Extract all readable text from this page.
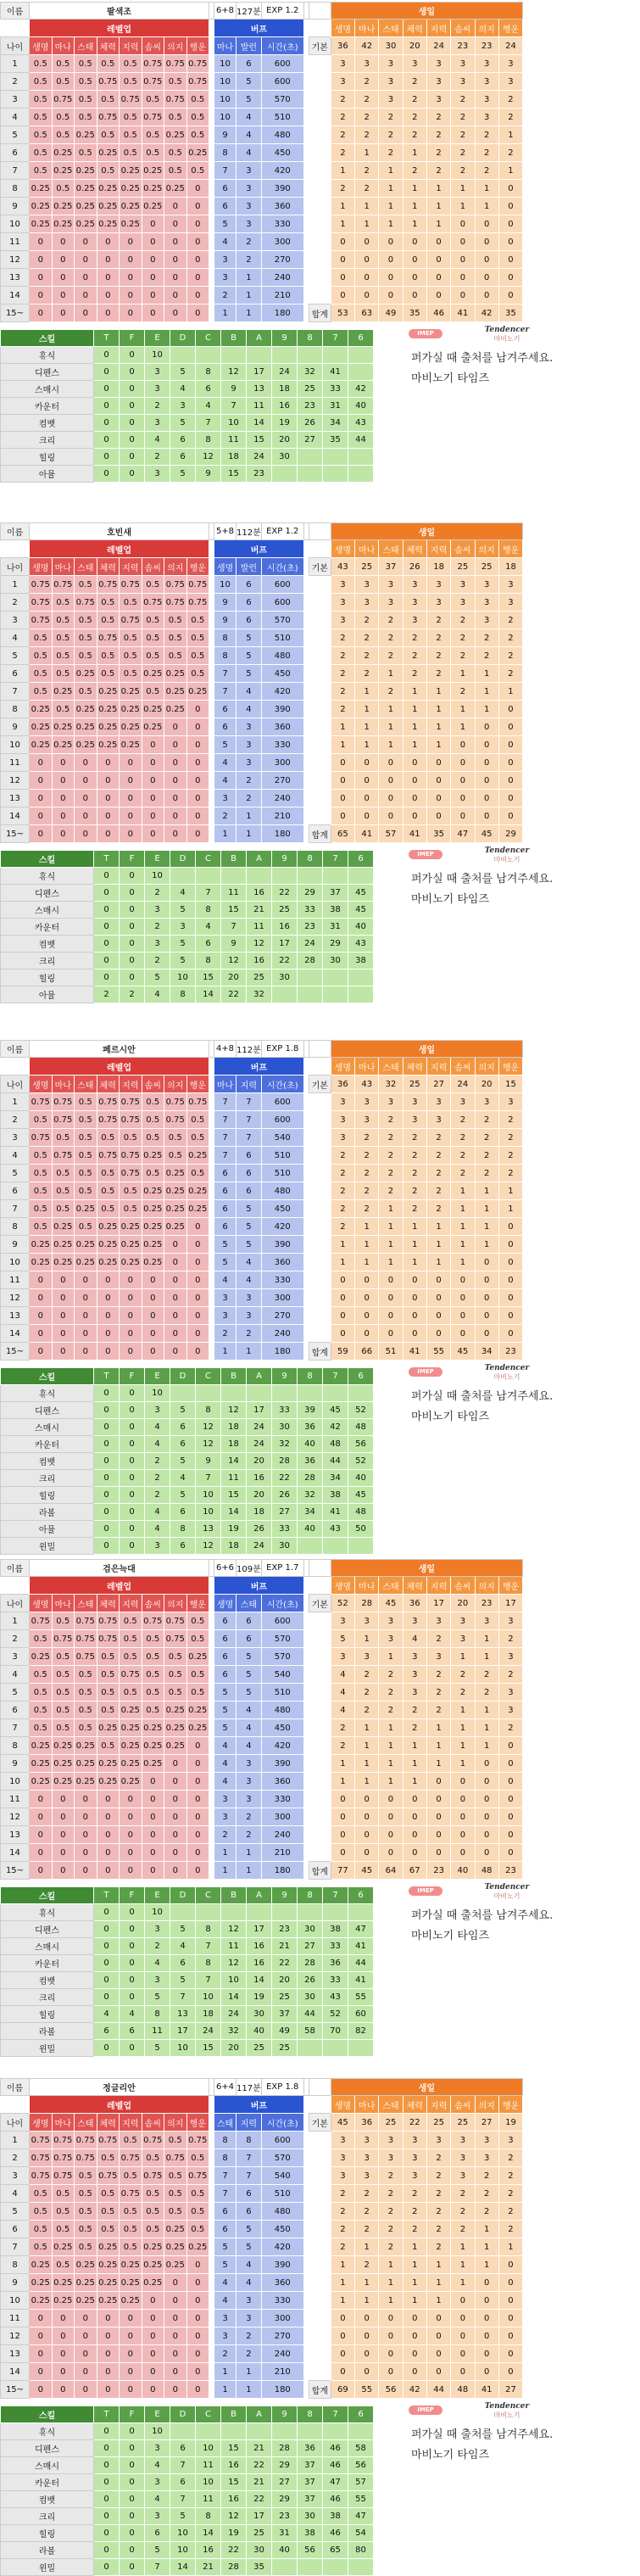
이름	팔색조									6+8	127분	EXP 1.2			생일							
	레벨업									버프					생명	마나	스태	체력	지력	솜씨	의지	행운
나이	생명	마나	스태	체력	지력	솜씨	의지	행운		마나	발런	시간(초)		기본	36	42	30	20	24	23	23	24
1	0.5	0.5	0.5	0.5	0.5	0.75	0.75	0.75		10	6	600			3	3	3	3	3	3	3	3
2	0.5	0.5	0.5	0.75	0.5	0.75	0.5	0.75		10	5	600			3	2	3	2	3	3	3	3
3	0.5	0.75	0.5	0.5	0.75	0.5	0.75	0.5		10	5	570			2	2	3	2	3	2	3	2
4	0.5	0.5	0.5	0.75	0.5	0.75	0.5	0.5		10	4	510			2	2	2	2	2	2	3	2
5	0.5	0.5	0.25	0.5	0.5	0.5	0.25	0.5		9	4	480			2	2	2	2	2	2	2	1
6	0.5	0.25	0.5	0.25	0.5	0.5	0.5	0.25		8	4	450			2	1	2	1	2	2	2	2
7	0.5	0.25	0.25	0.5	0.25	0.25	0.5	0.5		7	3	420			1	2	1	2	2	2	2	1
8	0.25	0.5	0.25	0.25	0.25	0.25	0.25	0		6	3	390			2	2	1	1	1	1	1	0
9	0.25	0.25	0.25	0.25	0.25	0.25	0	0		6	3	360			1	1	1	1	1	1	1	0
10	0.25	0.25	0.25	0.25	0.25	0	0	0		5	3	330			1	1	1	1	1	0	0	0
11	0	0	0	0	0	0	0	0		4	2	300			0	0	0	0	0	0	0	0
12	0	0	0	0	0	0	0	0		3	2	270			0	0	0	0	0	0	0	0
13	0	0	0	0	0	0	0	0		3	1	240			0	0	0	0	0	0	0	0
14	0	0	0	0	0	0	0	0		2	1	210			0	0	0	0	0	0	0	0
15~	0	0	0	0	0	0	0	0		1	1	180		합계	53	63	49	35	46	41	42	35
스킬	T	F	E	D	C	B	A	9	8	7	6
휴식	0	0	10								
디펜스	0	0	3	5	8	12	17	24	32	41	
스매시	0	0	3	4	6	9	13	18	25	33	42
카운터	0	0	2	3	4	7	11	16	23	31	40
컴뱃	0	0	3	5	7	10	14	19	26	34	43
크리	0	0	4	6	8	11	15	20	27	35	44
힐링	0	0	2	6	12	18	24	30			
아뮬	0	0	3	5	9	15	23				
IMEP	Tendencer
마비노기
퍼가실 때 출처를 남겨주세요.
마비노기 타임즈
이름	호빈새									5+8	112분	EXP 1.2			생일							
	레벨업									버프					생명	마나	스태	체력	지력	솜씨	의지	행운
나이	생명	마나	스태	체력	지력	솜씨	의지	행운		생명	발런	시간(초)		기본	43	25	37	26	18	25	25	18
1	0.75	0.75	0.5	0.75	0.75	0.5	0.75	0.75		10	6	600			3	3	3	3	3	3	3	3
2	0.75	0.5	0.75	0.5	0.5	0.75	0.75	0.75		9	6	600			3	3	3	3	3	3	3	3
3	0.75	0.5	0.5	0.5	0.75	0.5	0.5	0.5		9	6	570			3	2	2	3	2	2	3	2
4	0.5	0.5	0.5	0.75	0.5	0.5	0.5	0.5		8	5	510			2	2	2	2	2	2	2	2
5	0.5	0.5	0.5	0.5	0.5	0.5	0.5	0.5		8	5	480			2	2	2	2	2	2	2	2
6	0.5	0.5	0.25	0.5	0.5	0.25	0.25	0.5		7	5	450			2	2	1	2	2	1	1	2
7	0.5	0.25	0.5	0.25	0.25	0.5	0.25	0.25		7	4	420			2	1	2	1	1	2	1	1
8	0.25	0.5	0.25	0.25	0.25	0.25	0.25	0		6	4	390			2	1	1	1	1	1	1	0
9	0.25	0.25	0.25	0.25	0.25	0.25	0	0		6	3	360			1	1	1	1	1	1	0	0
10	0.25	0.25	0.25	0.25	0.25	0	0	0		5	3	330			1	1	1	1	1	0	0	0
11	0	0	0	0	0	0	0	0		4	3	300			0	0	0	0	0	0	0	0
12	0	0	0	0	0	0	0	0		4	2	270			0	0	0	0	0	0	0	0
13	0	0	0	0	0	0	0	0		3	2	240			0	0	0	0	0	0	0	0
14	0	0	0	0	0	0	0	0		2	1	210			0	0	0	0	0	0	0	0
15~	0	0	0	0	0	0	0	0		1	1	180		합계	65	41	57	41	35	47	45	29
스킬	T	F	E	D	C	B	A	9	8	7	6
휴식	0	0	10								
디펜스	0	0	2	4	7	11	16	22	29	37	45
스매시	0	0	3	5	8	15	21	25	33	38	45
카운터	0	0	2	3	4	7	11	16	23	31	40
컴뱃	0	0	3	5	6	9	12	17	24	29	43
크리	0	0	2	5	8	12	16	22	28	30	38
힐링	0	0	5	10	15	20	25	30			
아뮬	2	2	4	8	14	22	32				
IMEP	Tendencer
마비노기
퍼가실 때 출처를 남겨주세요.
마비노기 타임즈
이름	페르시안									4+8	112분	EXP 1.8			생일							
	레벨업									버프					생명	마나	스태	체력	지력	솜씨	의지	행운
나이	생명	마나	스태	체력	지력	솜씨	의지	행운		마나	지력	시간(초)		기본	36	43	32	25	27	24	20	15
1	0.75	0.75	0.5	0.75	0.75	0.5	0.75	0.75		7	7	600			3	3	3	3	3	3	3	3
2	0.5	0.75	0.5	0.75	0.75	0.5	0.75	0.5		7	7	600			3	3	2	3	3	2	2	2
3	0.75	0.5	0.5	0.5	0.5	0.5	0.5	0.5		7	7	540			3	2	2	2	2	2	2	2
4	0.5	0.75	0.5	0.75	0.75	0.25	0.5	0.25		7	6	510			2	2	2	2	2	2	2	2
5	0.5	0.5	0.5	0.5	0.75	0.5	0.25	0.5		6	6	510			2	2	2	2	2	2	2	2
6	0.5	0.5	0.5	0.5	0.5	0.25	0.25	0.25		6	6	480			2	2	2	2	2	1	1	1
7	0.5	0.5	0.25	0.5	0.5	0.25	0.25	0.25		6	5	450			2	2	1	2	2	1	1	1
8	0.5	0.25	0.5	0.25	0.25	0.25	0.25	0		6	5	420			2	1	1	1	1	1	1	0
9	0.25	0.25	0.25	0.25	0.25	0.25	0	0		5	5	390			1	1	1	1	1	1	1	0
10	0.25	0.25	0.25	0.25	0.25	0.25	0	0		5	4	360			1	1	1	1	1	1	0	0
11	0	0	0	0	0	0	0	0		4	4	330			0	0	0	0	0	0	0	0
12	0	0	0	0	0	0	0	0		3	3	300			0	0	0	0	0	0	0	0
13	0	0	0	0	0	0	0	0		3	3	270			0	0	0	0	0	0	0	0
14	0	0	0	0	0	0	0	0		2	2	240			0	0	0	0	0	0	0	0
15~	0	0	0	0	0	0	0	0		1	1	180		합계	59	66	51	41	55	45	34	23
스킬	T	F	E	D	C	B	A	9	8	7	6
휴식	0	0	10								
디펜스	0	0	3	5	8	12	17	33	39	45	52
스매시	0	0	4	6	12	18	24	30	36	42	48
카운터	0	0	4	6	12	18	24	32	40	48	56
컴뱃	0	0	2	5	9	14	20	28	36	44	52
크리	0	0	2	4	7	11	16	22	28	34	40
힐링	0	0	2	5	10	15	20	26	32	38	45
라볼	0	0	4	6	10	14	18	27	34	41	48
아뮬	0	0	4	8	13	19	26	33	40	43	50
윈밀	0	0	3	6	12	18	24	30			
IMEP	Tendencer
마비노기
퍼가실 때 출처를 남겨주세요.
마비노기 타임즈
이름	검은늑대									6+6	109분	EXP 1.7			생일							
	레벨업									버프					생명	마나	스태	체력	지력	솜씨	의지	행운
나이	생명	마나	스태	체력	지력	솜씨	의지	행운		생명	스태	시간(초)		기본	52	28	45	36	17	20	23	17
1	0.75	0.5	0.75	0.75	0.5	0.75	0.75	0.5		6	6	600			3	3	3	3	3	3	3	3
2	0.5	0.75	0.75	0.75	0.5	0.5	0.75	0.5		6	6	570			5	1	3	4	2	3	1	2
3	0.25	0.5	0.75	0.5	0.5	0.5	0.5	0.25		6	5	570			3	3	1	3	3	1	1	3
4	0.5	0.5	0.5	0.5	0.75	0.5	0.5	0.5		6	5	540			4	2	2	3	2	2	2	2
5	0.5	0.5	0.5	0.5	0.5	0.5	0.5	0.5		5	5	510			4	2	2	3	2	2	2	3
6	0.5	0.5	0.5	0.5	0.25	0.5	0.25	0.25		5	4	480			4	2	2	2	2	1	1	3
7	0.5	0.5	0.5	0.25	0.25	0.25	0.25	0.25		5	4	450			2	1	1	2	1	1	1	2
8	0.25	0.25	0.25	0.5	0.25	0.25	0.25	0		4	4	420			2	1	1	1	1	1	1	0
9	0.25	0.25	0.25	0.25	0.25	0.25	0	0		4	3	390			1	1	1	1	1	1	0	0
10	0.25	0.25	0.25	0.25	0.25	0	0	0		4	3	360			1	1	1	1	0	0	0	0
11	0	0	0	0	0	0	0	0		3	3	330			0	0	0	0	0	0	0	0
12	0	0	0	0	0	0	0	0		3	2	300			0	0	0	0	0	0	0	0
13	0	0	0	0	0	0	0	0		2	2	240			0	0	0	0	0	0	0	0
14	0	0	0	0	0	0	0	0		1	1	210			0	0	0	0	0	0	0	0
15~	0	0	0	0	0	0	0	0		1	1	180		합계	77	45	64	67	23	40	48	23
스킬	T	F	E	D	C	B	A	9	8	7	6
휴식	0	0	10								
디펜스	0	0	3	5	8	12	17	23	30	38	47
스매시	0	0	2	4	7	11	16	21	27	33	41
카운터	0	0	4	6	8	12	16	22	28	36	44
컴뱃	0	0	3	5	7	10	14	20	26	33	41
크리	0	0	5	7	10	14	19	25	30	43	55
힐링	4	4	8	13	18	24	30	37	44	52	60
라볼	6	6	11	17	24	32	40	49	58	70	82
윈밀	0	0	5	10	15	20	25	25			
IMEP	Tendencer
마비노기
퍼가실 때 출처를 남겨주세요.
마비노기 타임즈
이름	정글리안									6+4	117분	EXP 1.8			생일							
	레벨업									버프					생명	마나	스태	체력	지력	솜씨	의지	행운
나이	생명	마나	스태	체력	지력	솜씨	의지	행운		스태	지력	시간(초)		기본	45	36	25	22	25	25	27	19
1	0.75	0.75	0.75	0.75	0.5	0.75	0.5	0.75		8	8	600			3	3	3	3	3	3	3	3
2	0.75	0.75	0.75	0.5	0.75	0.5	0.75	0.5		8	7	570			3	3	3	3	2	3	3	2
3	0.75	0.75	0.5	0.75	0.5	0.75	0.5	0.75		7	7	540			3	3	2	3	2	3	2	2
4	0.5	0.5	0.5	0.5	0.75	0.5	0.5	0.5		7	6	510			2	2	2	2	2	2	2	2
5	0.5	0.5	0.5	0.5	0.5	0.5	0.5	0.5		6	6	480			2	2	2	2	2	2	2	2
6	0.5	0.5	0.5	0.5	0.5	0.5	0.25	0.5		6	5	450			2	2	2	2	2	2	1	2
7	0.5	0.25	0.5	0.25	0.5	0.25	0.25	0.25		5	5	420			2	1	2	1	2	1	1	1
8	0.25	0.5	0.25	0.25	0.25	0.25	0.25	0		5	4	390			1	2	1	1	1	1	1	0
9	0.25	0.25	0.25	0.25	0.25	0.25	0	0		4	4	360			1	1	1	1	1	1	0	0
10	0.25	0.25	0.25	0.25	0.25	0	0	0		4	3	330			1	1	1	1	1	0	0	0
11	0	0	0	0	0	0	0	0		3	3	300			0	0	0	0	0	0	0	0
12	0	0	0	0	0	0	0	0		3	2	270			0	0	0	0	0	0	0	0
13	0	0	0	0	0	0	0	0		2	2	240			0	0	0	0	0	0	0	0
14	0	0	0	0	0	0	0	0		1	1	210			0	0	0	0	0	0	0	0
15~	0	0	0	0	0	0	0	0		1	1	180		합계	69	55	56	42	44	48	41	27
스킬	T	F	E	D	C	B	A	9	8	7	6
휴식	0	0	10								
디펜스	0	0	3	6	10	15	21	28	36	46	58
스매시	0	0	4	7	11	16	22	29	37	46	56
카운터	0	0	3	6	10	15	21	27	37	47	57
컴뱃	0	0	4	7	11	16	22	29	37	46	55
크리	0	0	3	5	8	12	17	23	30	38	47
힐링	0	0	6	10	14	19	25	31	38	46	54
라볼	0	0	5	10	16	22	30	40	56	65	80
윈밀	0	0	7	14	21	28	35				
IMEP	Tendencer
마비노기
퍼가실 때 출처를 남겨주세요.
마비노기 타임즈
